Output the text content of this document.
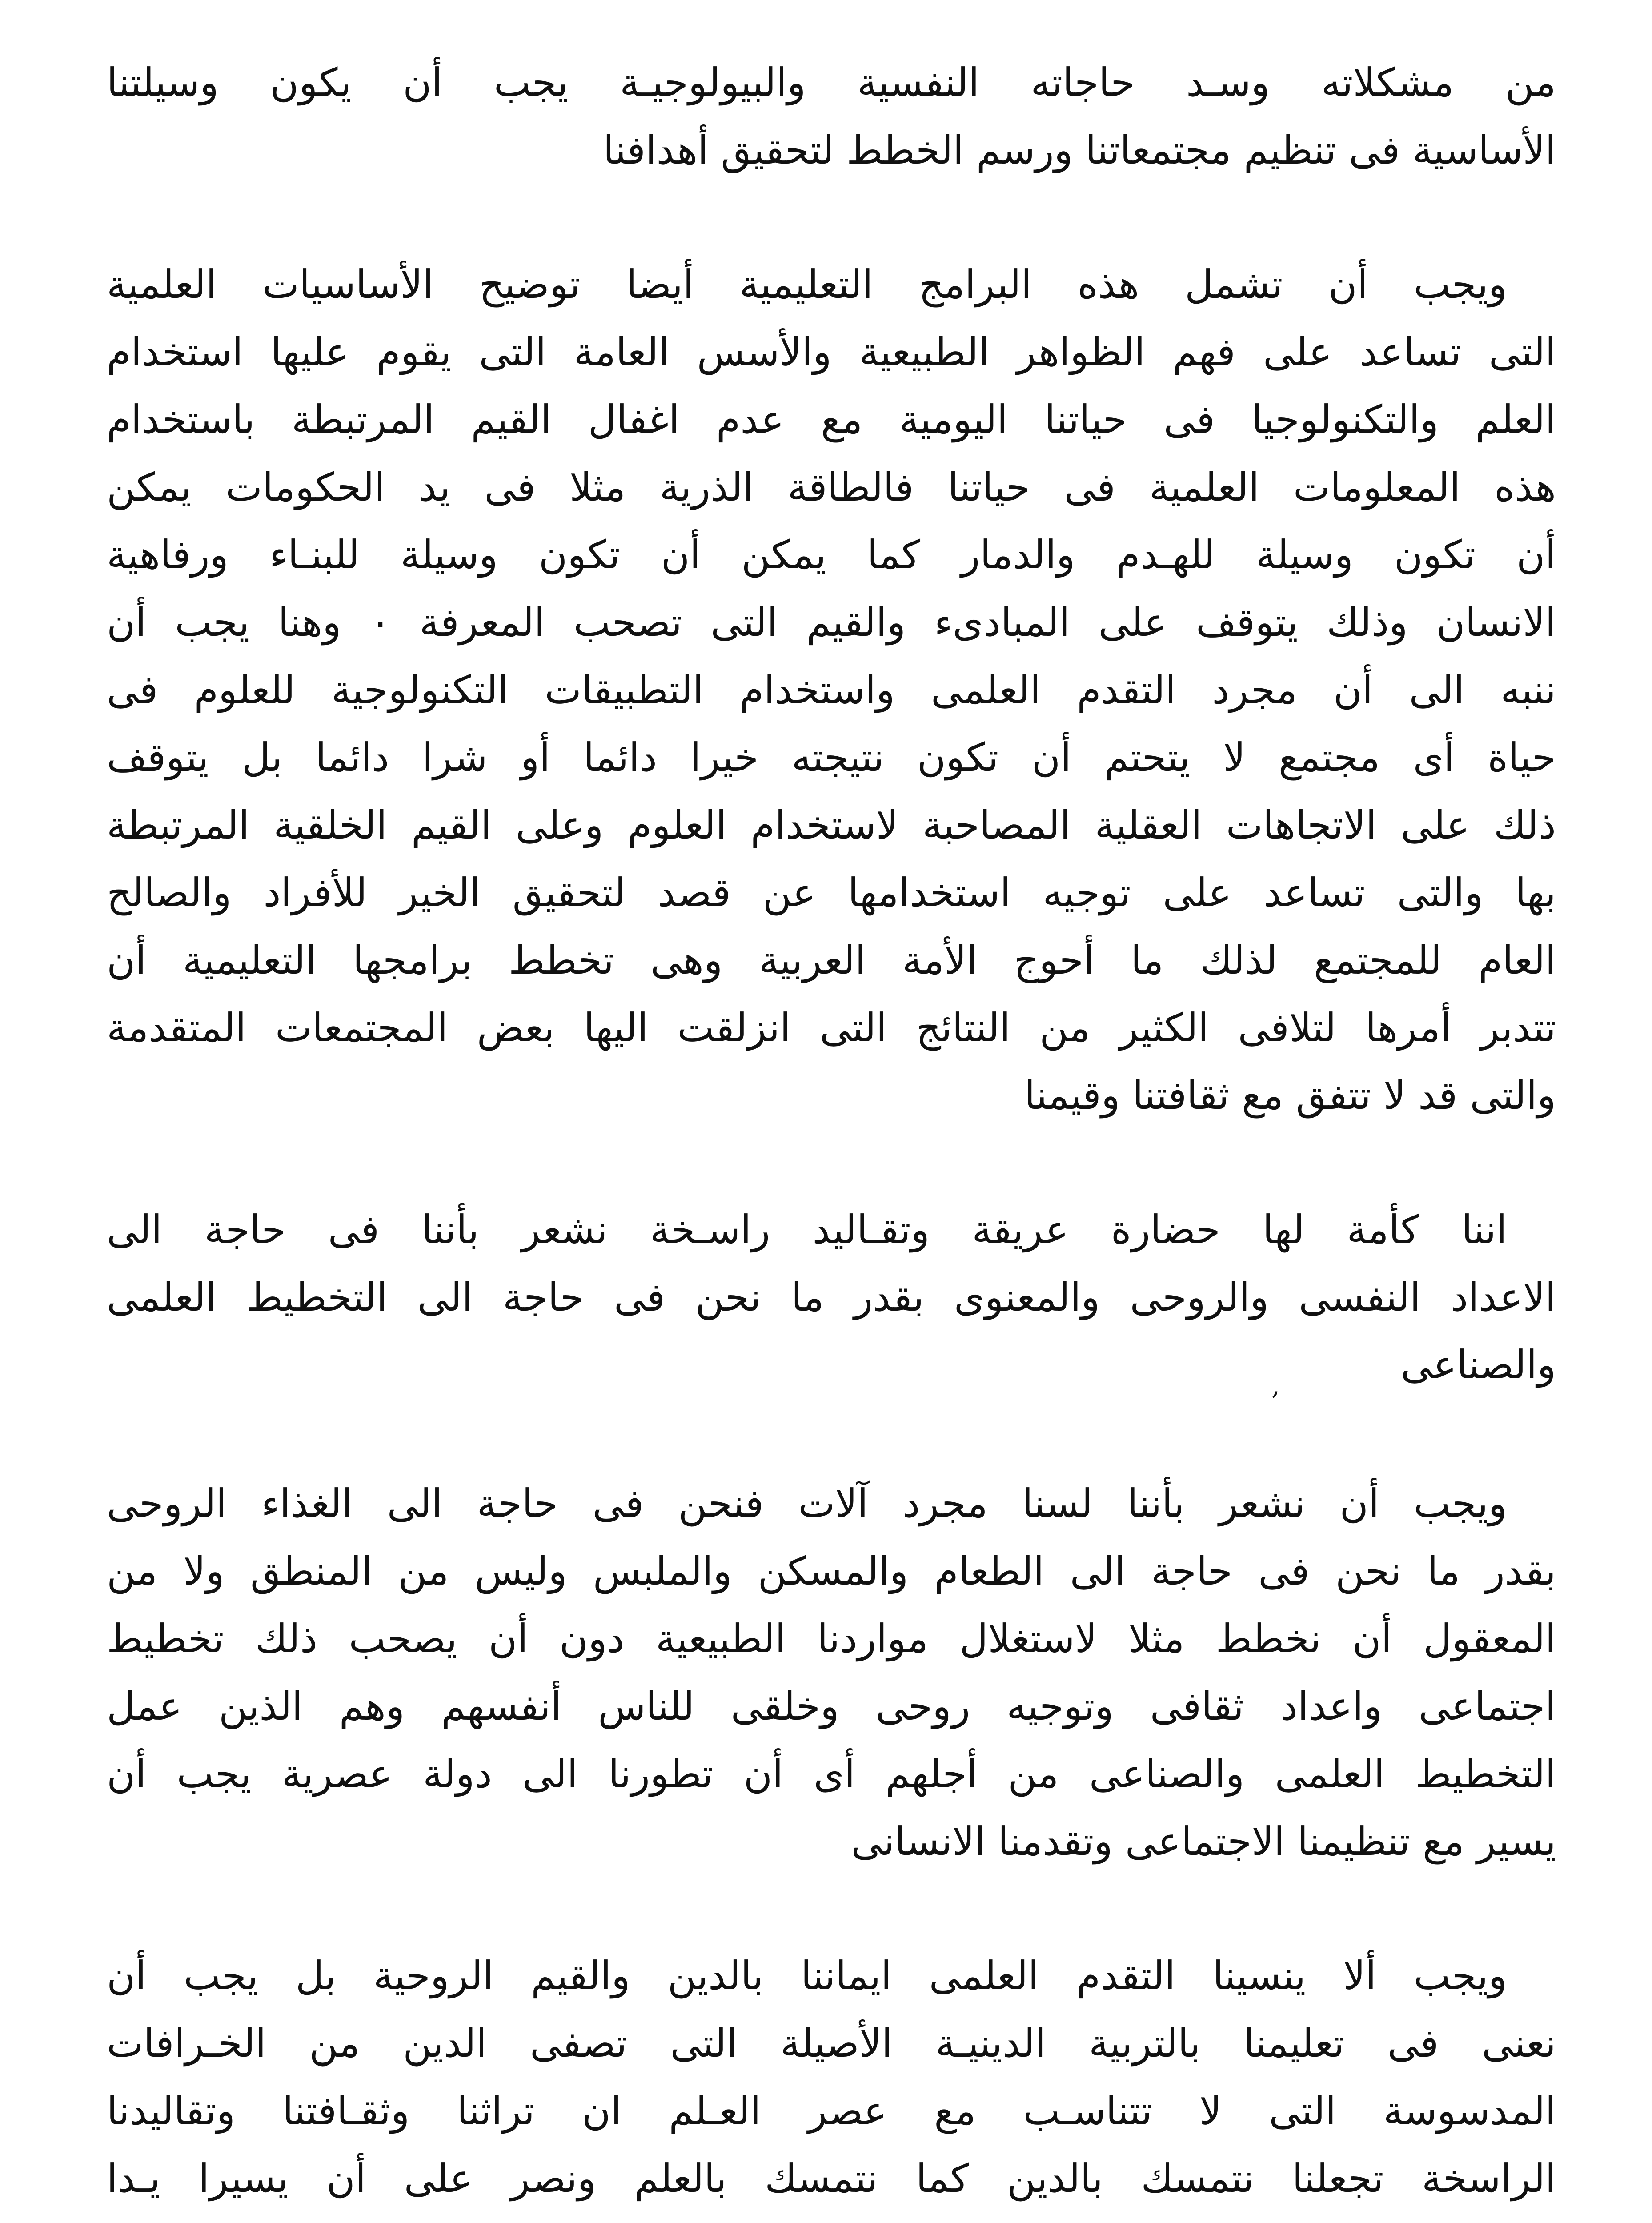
من مشكلاته وسـد حاجاته النفسية والبيولوجيـة يجب أن يكون وسيلتنا
الأساسية فى تنظيم مجتمعاتنا ورسم الخطط لتحقيق أهدافنا
ويجب أن تشمل هذه البرامج التعليمية أيضا توضيح الأساسيات العلمية
التى تساعد على فهم الظواهر الطبيعية والأسس العامة التى يقوم عليها استخدام
العلم والتكنولوجيا فى حياتنا اليومية مع عدم اغفال القيم المرتبطة باستخدام
هذه المعلومات العلمية فى حياتنا فالطاقة الذرية مثلا فى يد الحكومات يمكن
أن تكون وسيلة للهـدم والدمار كما يمكن أن تكون وسيلة للبنـاء ورفاهية
الانسان وذلك يتوقف على المبادىء والقيم التى تصحب المعرفة ٠ وهنا يجب أن
ننبه الى أن مجرد التقدم العلمى واستخدام التطبيقات التكنولوجية للعلوم فى
حياة أى مجتمع لا يتحتم أن تكون نتيجته خيرا دائما أو شرا دائما بل يتوقف
ذلك على الاتجاهات العقلية المصاحبة لاستخدام العلوم وعلى القيم الخلقية المرتبطة
بها والتى تساعد على توجيه استخدامها عن قصد لتحقيق الخير للأفراد والصالح
العام للمجتمع لذلك ما أحوج الأمة العربية وهى تخطط برامجها التعليمية أن
تتدبر أمرها لتلافى الكثير من النتائج التى انزلقت اليها بعض المجتمعات المتقدمة
والتى قد لا تتفق مع ثقافتنا وقيمنا
اننا كأمة لها حضارة عريقة وتقـاليد راسـخة نشعر بأننا فى حاجة الى
الاعداد النفسى والروحى والمعنوى بقدر ما نحن فى حاجة الى التخطيط العلمى
والصناعى
,
ويجب أن نشعر بأننا لسنا مجرد آلات فنحن فى حاجة الى الغذاء الروحى
بقدر ما نحن فى حاجة الى الطعام والمسكن والملبس وليس من المنطق ولا من
المعقول أن نخطط مثلا لاستغلال مواردنا الطبيعية دون أن يصحب ذلك تخطيط
اجتماعى واعداد ثقافى وتوجيه روحى وخلقى للناس أنفسهم وهم الذين عمل
التخطيط العلمى والصناعى من أجلهم أى أن تطورنا الى دولة عصرية يجب أن
يسير مع تنظيمنا الاجتماعى وتقدمنا الانسانى
ويجب ألا ينسينا التقدم العلمى ايماننا بالدين والقيم الروحية بل يجب أن
نعنى فى تعليمنا بالتربية الدينيـة الأصيلة التى تصفى الدين من الخـرافات
المدسوسة التى لا تتناسـب مع عصر العـلم ان تراثنا وثقـافتنا وتقاليدنا
الراسخة تجعلنا نتمسك بالدين كما نتمسك بالعلم ونصر على أن يسيرا يـدا
